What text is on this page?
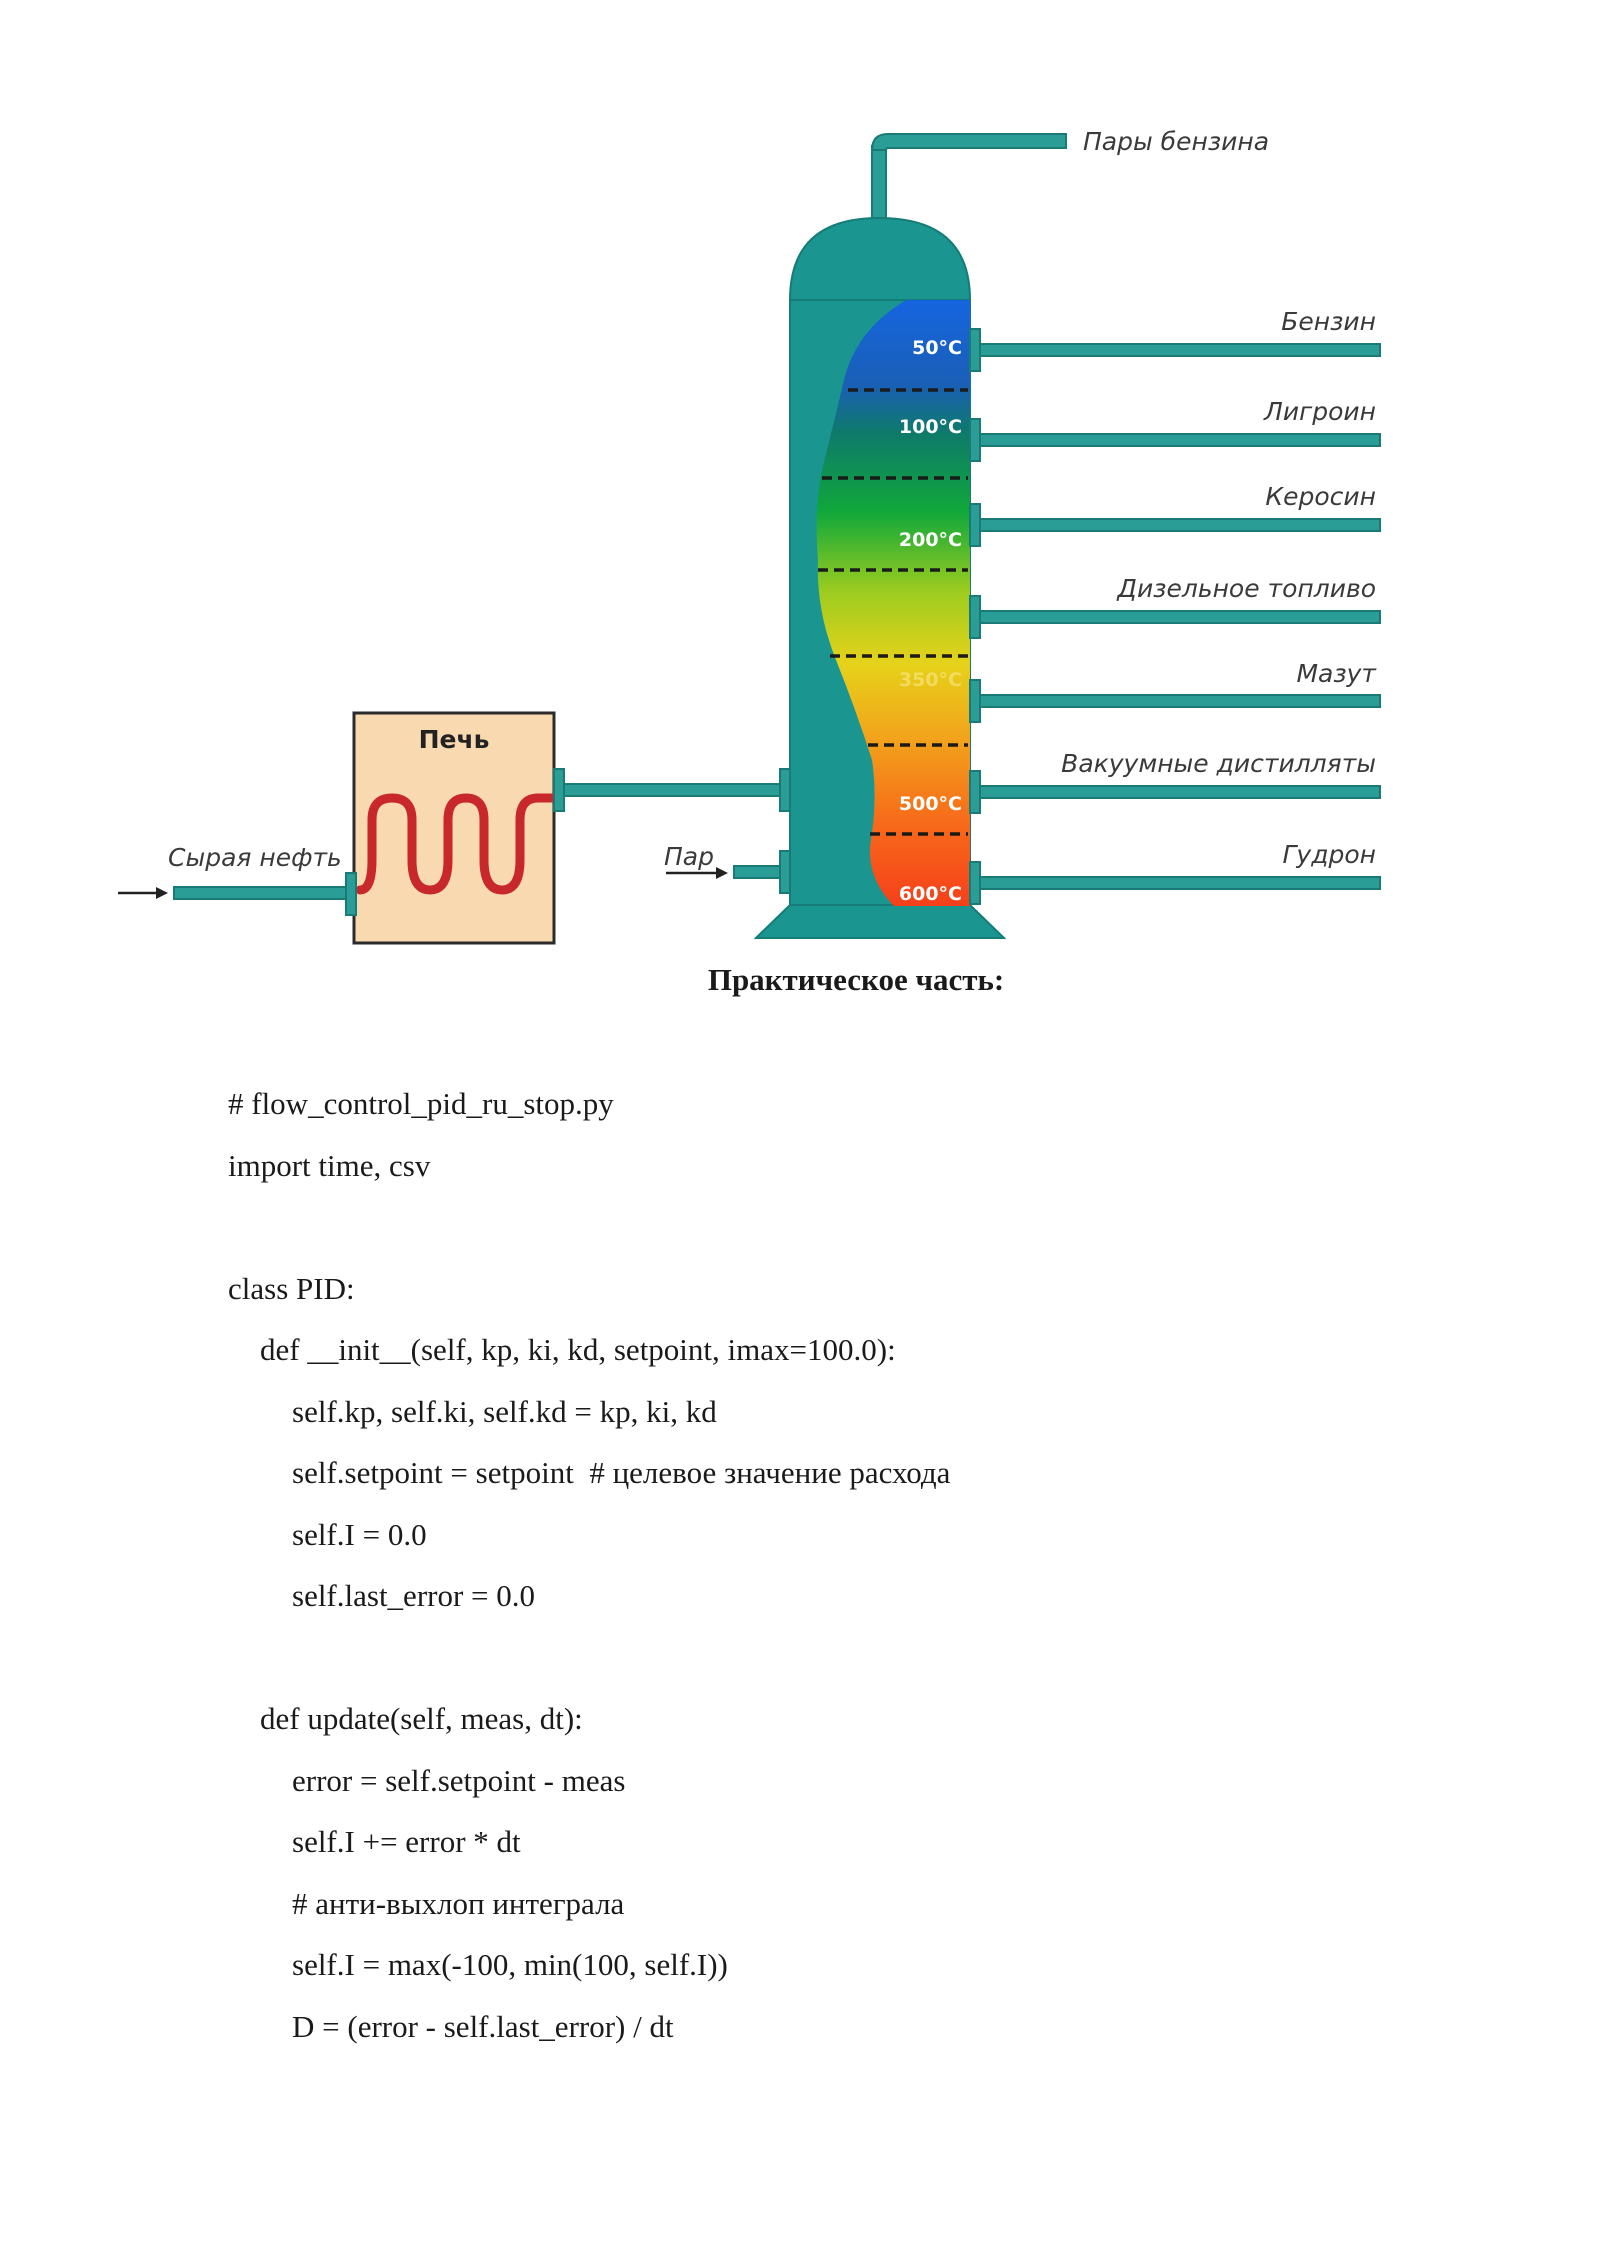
Пары бензина
50°C
100°C
200°C
350°C
500°C
600°C
Бензин
Лигроин
Керосин
Дизельное топливо
Мазут
Вакуумные дистилляты
Гудрон
Печь
Сырая нефть	Пар
Практическое часть:
# flow_control_pid_ru_stop.py
import time, csv
class PID:
def __init__(self, kp, ki, kd, setpoint, imax=100.0):
self.kp, self.ki, self.kd = kp, ki, kd
self.setpoint = setpoint  # целевое значение расхода
self.I = 0.0
self.last_error = 0.0
def update(self, meas, dt):
error = self.setpoint - meas
self.I += error * dt
# анти-выхлоп интеграла
self.I = max(-100, min(100, self.I))
D = (error - self.last_error) / dt
